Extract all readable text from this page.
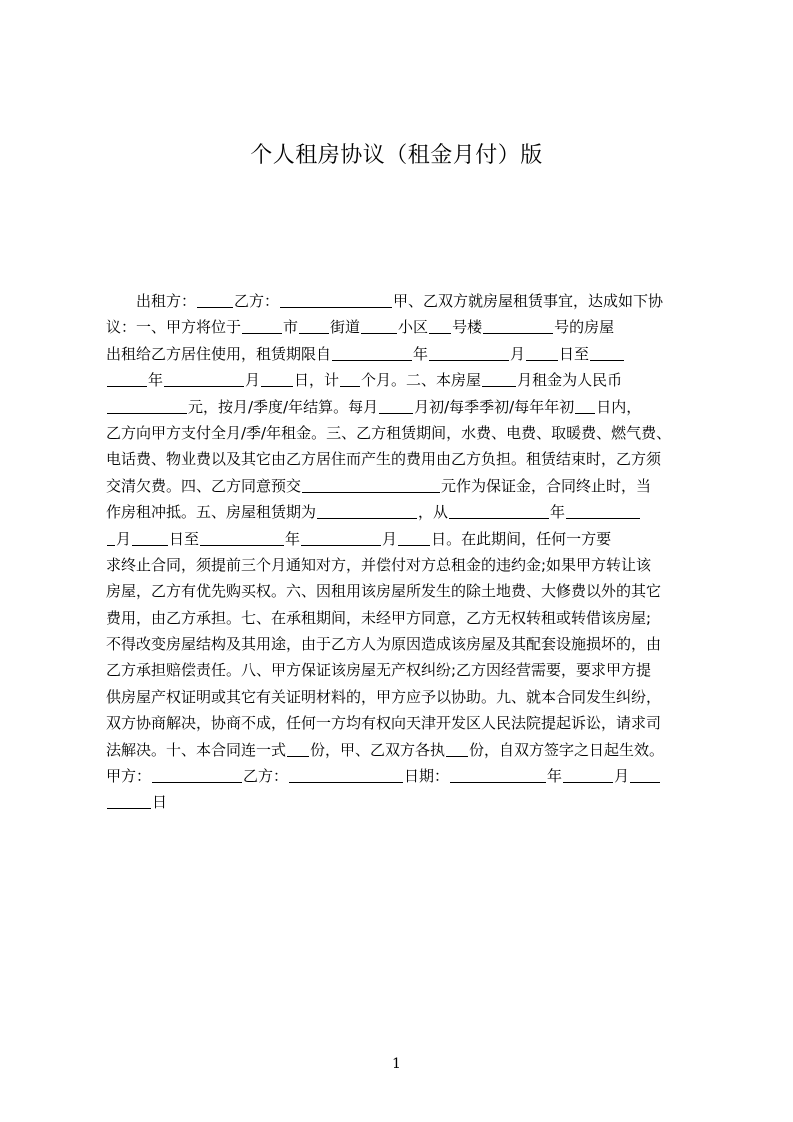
个人租房协议（租金月付）版
出租方：	乙方：	甲、乙双方就房屋租赁事宜，达成如下协
议：一、甲方将位于	市 街道	小区 号楼	号的房屋
出租给乙方居住使用，租赁期限自	年	月 日至
年	月 日，计 个月。二、本房屋 月租金为人民币
元，按月/季度/年结算。每月 月初/每季季初/每年年初 日内，
乙方向甲方支付全月/季/年租金。三、乙方租赁期间，水费、电费、取暖费、燃气费、
电话费、物业费以及其它由乙方居住而产生的费用由乙方负担。租赁结束时，乙方须
交清欠费。四、乙方同意预交	元作为保证金，合同终止时，当
作房租冲抵。五、房屋租赁期为	，从	年
月	日至	年	月 日。在此期间，任何一方要
求终止合同，须提前三个月通知对方，并偿付对方总租金的违约金;如果甲方转让该
房屋，乙方有优先购买权。六、因租用该房屋所发生的除土地费、大修费以外的其它
费用，由乙方承担。七、在承租期间，未经甲方同意，乙方无权转租或转借该房屋;
不得改变房屋结构及其用途，由于乙方人为原因造成该房屋及其配套设施损坏的，由
乙方承担赔偿责任。八、甲方保证该房屋无产权纠纷;乙方因经营需要，要求甲方提
供房屋产权证明或其它有关证明材料的，甲方应予以协助。九、就本合同发生纠纷，
双方协商解决，协商不成，任何一方均有权向天津开发区人民法院提起诉讼，请求司
法解决。十、本合同连一式 份，甲、乙双方各执 份，自双方签字之日起生效。
甲方：	乙方：	日期：	年	月
日
1
